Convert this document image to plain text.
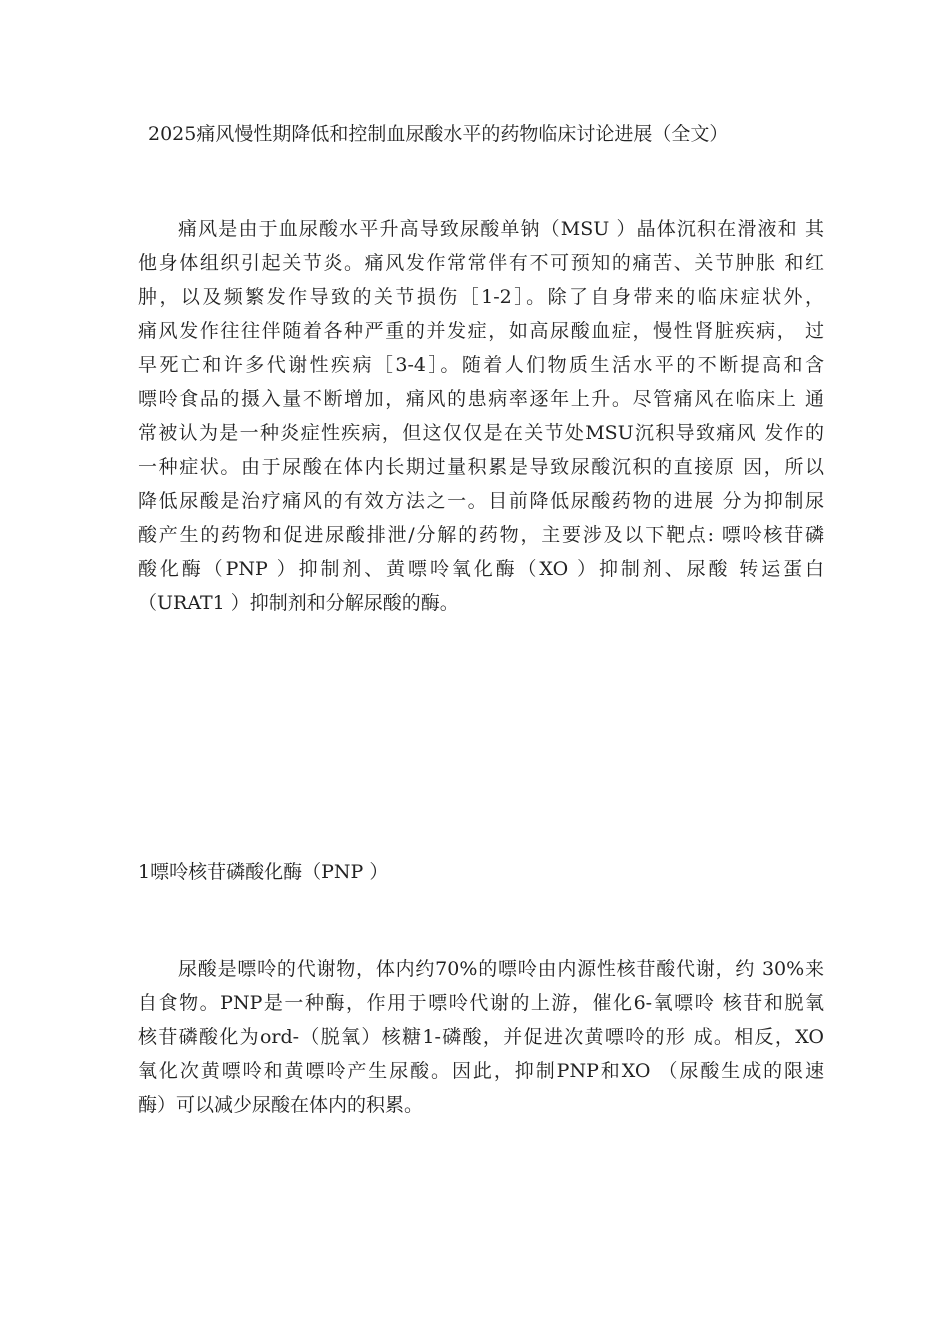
2025痛风慢性期降低和控制血尿酸水平的药物临床讨论进展（全文）
痛风是由于血尿酸水平升高导致尿酸单钠（MSU ）晶体沉积在滑液和 其
他身体组织引起关节炎。痛风发作常常伴有不可预知的痛苦、关节肿胀 和红
肿，以及频繁发作导致的关节损伤［1-2］。除了自身带来的临床症状外，
痛风发作往往伴随着各种严重的并发症，如高尿酸血症，慢性肾脏疾病， 过
早死亡和许多代谢性疾病［3-4］。随着人们物质生活水平的不断提高和含
嘌呤食品的摄入量不断增加，痛风的患病率逐年上升。尽管痛风在临床上 通
常被认为是一种炎症性疾病，但这仅仅是在关节处MSU沉积导致痛风 发作的
一种症状。由于尿酸在体内长期过量积累是导致尿酸沉积的直接原 因，所以
降低尿酸是治疗痛风的有效方法之一。目前降低尿酸药物的进展 分为抑制尿
酸产生的药物和促进尿酸排泄/分解的药物，主要涉及以下靶点: 嘌呤核苷磷
酸化酶（PNP ）抑制剂、黄嘌呤氧化酶（XO ）抑制剂、尿酸 转运蛋白
（URAT1 ）抑制剂和分解尿酸的酶。
1嘌呤核苷磷酸化酶（PNP ）
尿酸是嘌呤的代谢物，体内约70%的嘌呤由内源性核苷酸代谢，约 30%来
自食物。PNP是一种酶，作用于嘌呤代谢的上游，催化6-氧嘌呤 核苷和脱氧
核苷磷酸化为ord-（脱氧）核糖1-磷酸，并促进次黄嘌呤的形 成。相反，XO
氧化次黄嘌呤和黄嘌呤产生尿酸。因此，抑制PNP和XO （尿酸生成的限速
酶）可以减少尿酸在体内的积累。
